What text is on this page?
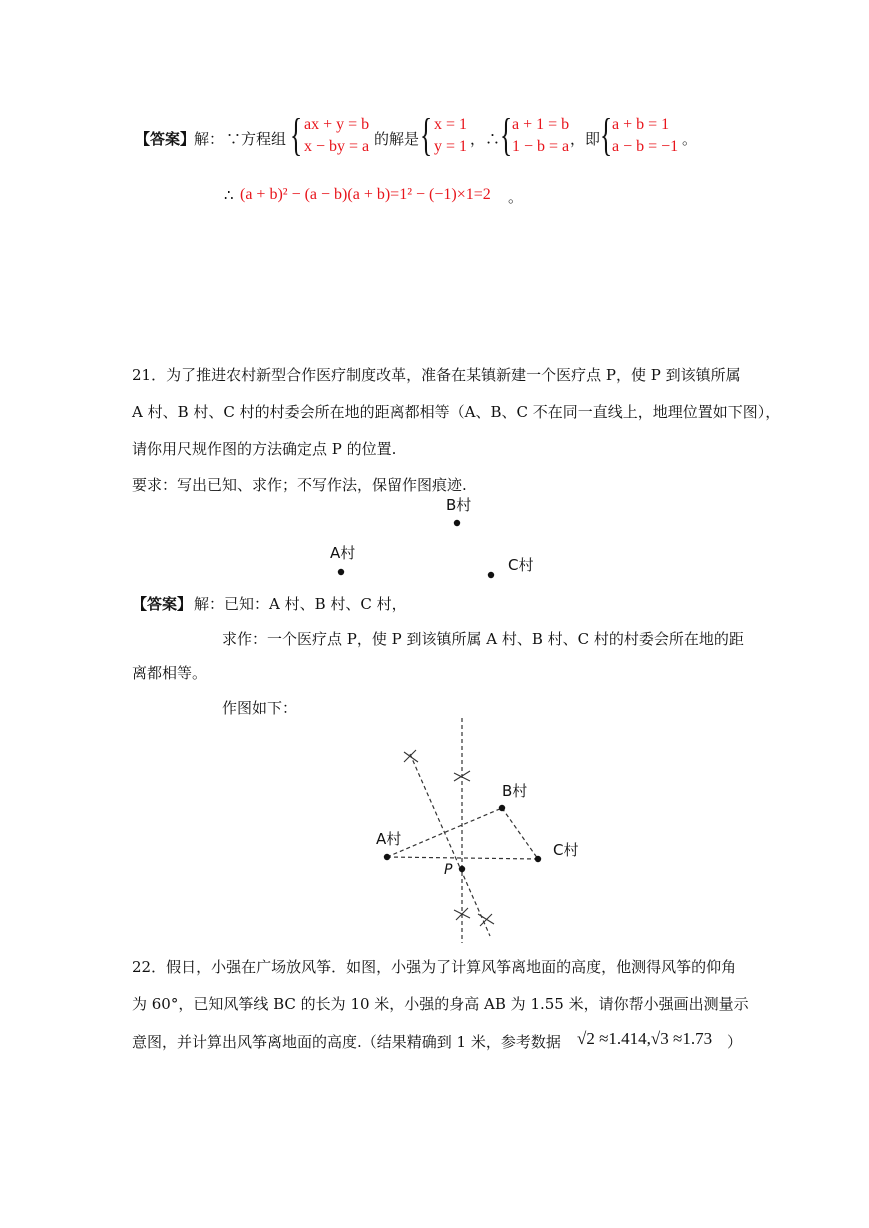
【答案】
解： ∵方程组 { ax + y = b
x − by = a 的解是 { x = 1
y = 1 ，∴ { a + 1 = b
1 − b = a ，即 { a + b = 1
a − b = −1 。
∴ (a + b)² − (a − b)(a + b)=1² − (−1)×1=2 。
21．为了推进农村新型合作医疗制度改革，准备在某镇新建一个医疗点 P，使 P 到该镇所属
A 村、B 村、C 村的村委会所在地的距离都相等（A、B、C 不在同一直线上，地理位置如下图），
请你用尺规作图的方法确定点 P 的位置.
要求：写出已知、求作；不写作法，保留作图痕迹.
B村
A村
C村
【答案】 解：已知：A 村、B 村、C 村，
求作：一个医疗点 P，使 P 到该镇所属 A 村、B 村、C 村的村委会所在地的距
离都相等。
作图如下：
B村
A村
C村
P
22．假日，小强在广场放风筝．如图，小强为了计算风筝离地面的高度，他测得风筝的仰角
为 60°，已知风筝线 BC 的长为 10 米，小强的身高 AB 为 1.55 米，请你帮小强画出测量示
意图，并计算出风筝离地面的高度.（结果精确到 1 米，参考数据 √2 ≈1.414,√3 ≈1.73 ）
